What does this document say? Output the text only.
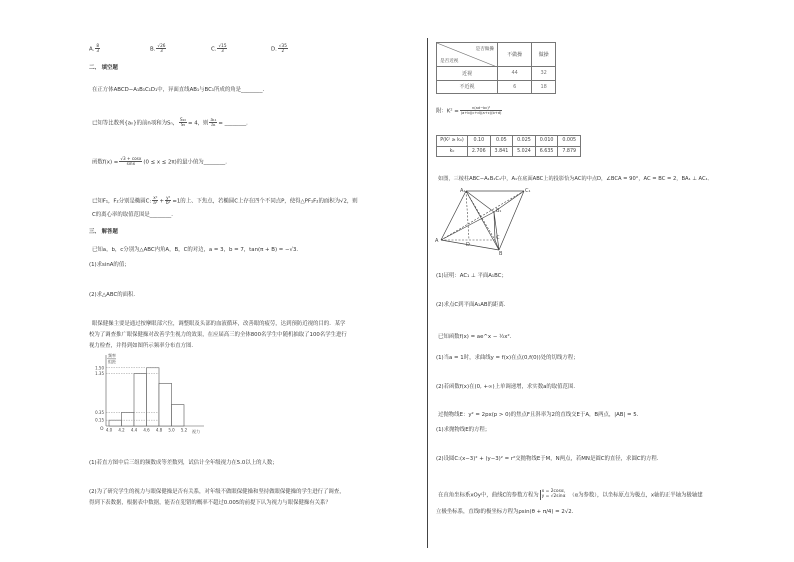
A. $\frac{8}{3}$	B. $\frac{√26}{3}$	C. $\frac{√15}{3}$	D. $\frac{√35}{2}$
二、 填空题
在正方体ABCD−A₁B₁C₁D₁中，异面直线AB₁与BC₁所成的角是________．
已知等比数列{aₙ}的前n项和为Sₙ， $\frac{\text{S₁₀}}{\text{S₅}} = 4$，则 $\frac{\text{a₁₁}}{\text{a₁}}$ = ________．
函数$f(x) = \frac{√3 + \cos x}{\sin x} (0 \le x \le 2\pi)$的最小值为________．
已知F₁，F₂分别是椭圆C: $\frac{\text{x²}}{\text{a²}} + \frac{\text{y²}}{\text{b²}} =1$的上、下焦点，若椭圆C上存在四个不同点P，使得△PF₁F₂的面积为√2，则
C的离心率的取值范围是________．
三、 解答题
已知a，b，c分别为△ABC内角A，B，C的对边，a = 3，b = 7，tan(π + B) = −√3．
(1)求sinA的值；
(2)求△ABC的面积．
眼保健操主要是通过按摩眼部穴位，调整眼及头部的血液循环，改善眼的疲劳，达到预防近视的目的．某学
校为了调查推广眼保健操对改善学生视力的效果，在应届高三的全体800名学生中随机抽取了100名学生进行
视力检查，并得到如图所示频率分布直方图．
频率
组距
O	视力
1.50
1.35
0.35
0.15
4.0 4.2 4.4 4.6 4.8 5.0 5.2
(1)若直方图中后三组的频数成等差数列，试估计全年级视力在5.0以上的人数；
(2)为了研究学生的视力与眼保健操是否有关系，对年级不做眼保健操和坚持做眼保健操的学生进行了调查，
得到下表数据，根据表中数据，能否在犯错的概率不超过0.005的前提下认为视力与眼保健操有关系？
是否做操
是否近视	不做操	做操
近视	44	32
不近视	6	18
附：$K^2 = \frac{\text{n(ad−bc)²}}{(a+b)(c+d)(a+c)(b+d)}$
P(K² ≥ k₀)	0.10	0.05	0.025	0.010	0.005
k₀	2.706	3.841	5.024	6.635	7.879
如图，三棱柱ABC−A₁B₁C₁中，A₁在底面ABC上的投影恰为AC的中点D，∠BCA = 90°，AC = BC = 2，BA₁ ⊥ AC₁．
A₁	C₁
B₁
A
D
C
B
(1)证明：AC₁ ⊥ 平面A₁BC；
(2)求点C到平面A₁AB的距离．
已知函数f(x) = ae^x − ½x²．
(1)当a = 1时，求曲线y = f(x)在点(0,f(0))处的切线方程；
(2)若函数f(x)在(0, +∞)上单调递增，求实数a的取值范围．
过抛物线E：y² = 2px(p > 0)的焦点F且斜率为2的直线交E于A，B两点，|AB| = 5．
(1)求抛物线E的方程；
(2)设圆C:(x−3)² + (y−3)² = r²交抛物线E于M，N两点，若MN是圆C的直径，求圆C的方程．
在直角坐标系xOy中，曲线C的参数方程为
x = 2cosα，
y = √2sinα （α为参数），以坐标原点为极点，x轴的正半轴为极轴建
立极坐标系，直线l的极坐标方程为ρsin(θ + π/4) = 2√2．
